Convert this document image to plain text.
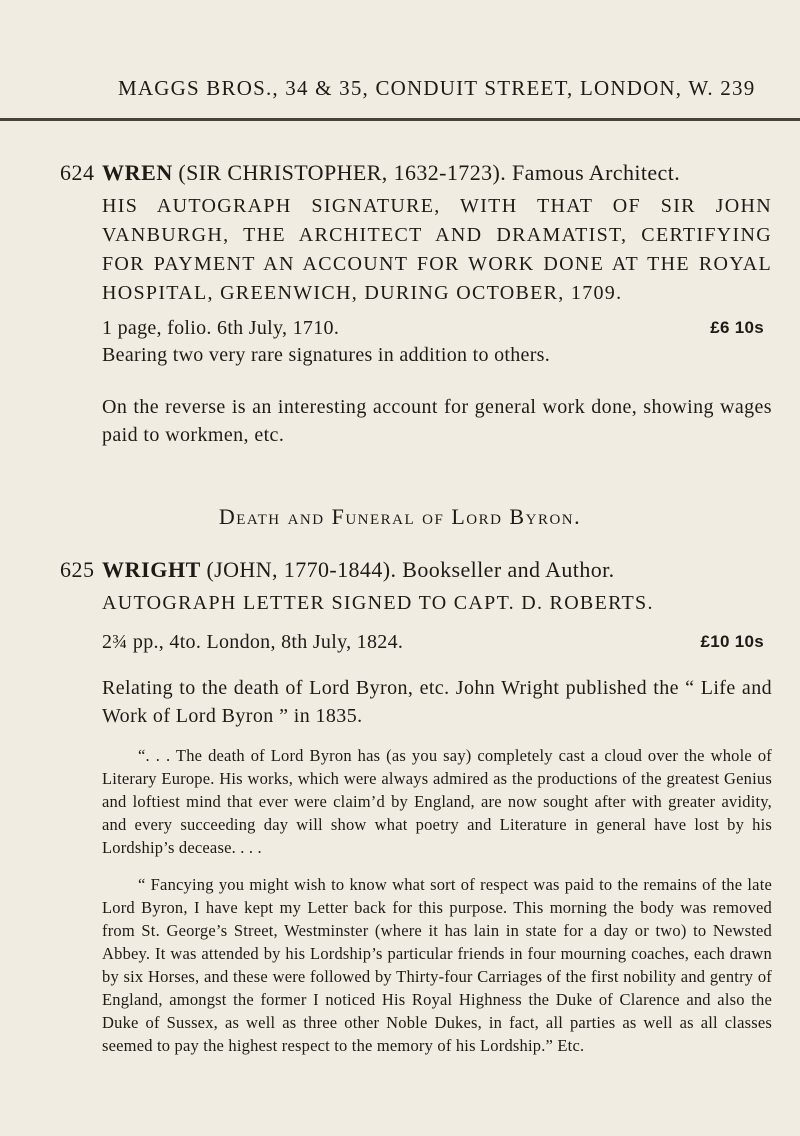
MAGGS BROS., 34 & 35, CONDUIT STREET, LONDON, W. 239
624 WREN (SIR CHRISTOPHER, 1632-1723). Famous Architect.
HIS AUTOGRAPH SIGNATURE, WITH THAT OF SIR JOHN VANBURGH, THE ARCHITECT AND DRAMATIST, CERTIFYING FOR PAYMENT AN ACCOUNT FOR WORK DONE AT THE ROYAL HOSPITAL, GREENWICH, DURING OCTOBER, 1709.
1 page, folio. 6th July, 1710.	£6 10s
Bearing two very rare signatures in addition to others.
On the reverse is an interesting account for general work done, showing wages paid to workmen, etc.
Death and Funeral of Lord Byron.
625 WRIGHT (JOHN, 1770-1844). Bookseller and Author.
AUTOGRAPH LETTER SIGNED TO CAPT. D. ROBERTS.
2¾ pp., 4to. London, 8th July, 1824.	£10 10s
Relating to the death of Lord Byron, etc. John Wright published the “ Life and Work of Lord Byron ” in 1835.
“. . . The death of Lord Byron has (as you say) completely cast a cloud over the whole of Literary Europe. His works, which were always admired as the productions of the greatest Genius and loftiest mind that ever were claim’d by England, are now sought after with greater avidity, and every succeeding day will show what poetry and Literature in general have lost by his Lordship’s decease. . . .
“ Fancying you might wish to know what sort of respect was paid to the remains of the late Lord Byron, I have kept my Letter back for this purpose. This morning the body was removed from St. George’s Street, Westminster (where it has lain in state for a day or two) to Newsted Abbey. It was attended by his Lordship’s particular friends in four mourning coaches, each drawn by six Horses, and these were followed by Thirty-four Carriages of the first nobility and gentry of England, amongst the former I noticed His Royal Highness the Duke of Clarence and also the Duke of Sussex, as well as three other Noble Dukes, in fact, all parties as well as all classes seemed to pay the highest respect to the memory of his Lordship.” Etc.
